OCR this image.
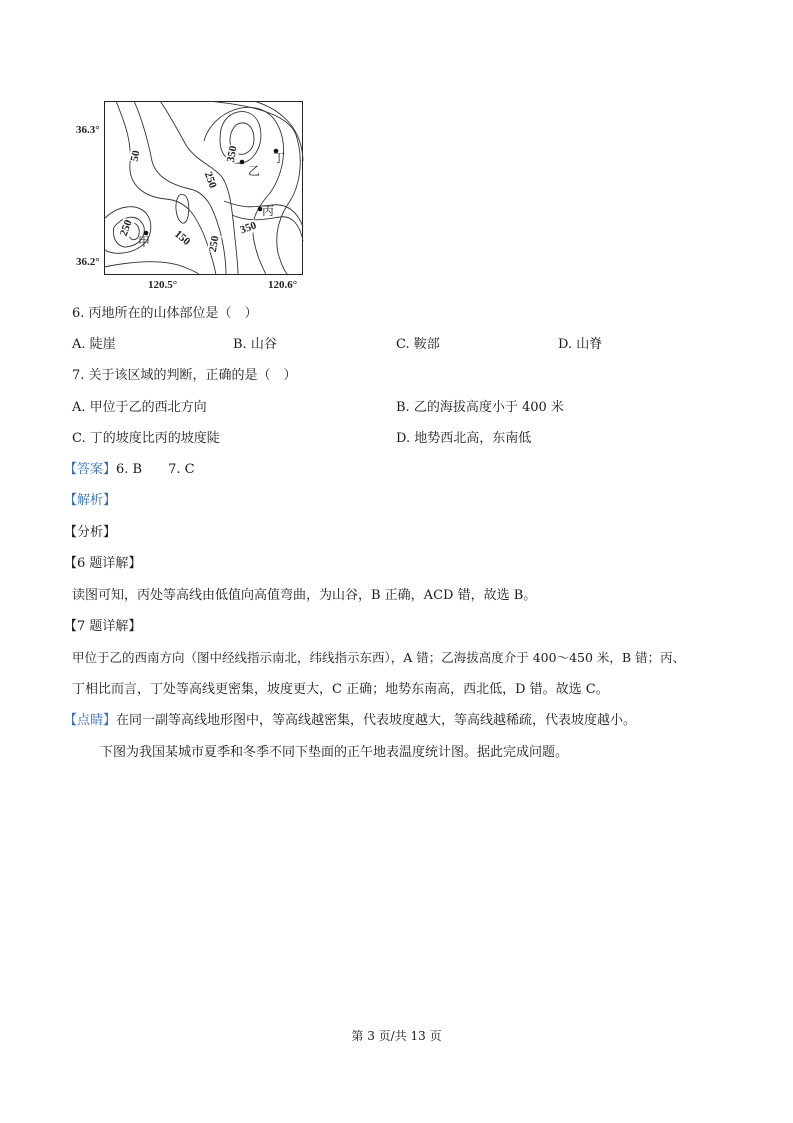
36.3°
36.2°
120.5°	120.6°
50	350
250
150
250
250
350
甲
乙
丙
丁
6. 丙地所在的山体部位是（　）
A. 陡崖	B. 山谷	C. 鞍部	D. 山脊
7. 关于该区域的判断，正确的是（　）
A. 甲位于乙的西北方向	B. 乙的海拔高度小于 400 米
C. 丁的坡度比丙的坡度陡	D. 地势西北高，东南低
【答案】6. B　　7. C
【解析】
【分析】
【6 题详解】
读图可知，丙处等高线由低值向高值弯曲，为山谷，B 正确，ACD 错，故选 B。
【7 题详解】
甲位于乙的西南方向（图中经线指示南北，纬线指示东西），A 错；乙海拔高度介于 400～450 米，B 错；丙、
丁相比而言，丁处等高线更密集，坡度更大，C 正确；地势东南高，西北低，D 错。故选 C。
【点睛】在同一副等高线地形图中，等高线越密集，代表坡度越大，等高线越稀疏，代表坡度越小。
下图为我国某城市夏季和冬季不同下垫面的正午地表温度统计图。据此完成问题。
第 3 页/共 13 页
